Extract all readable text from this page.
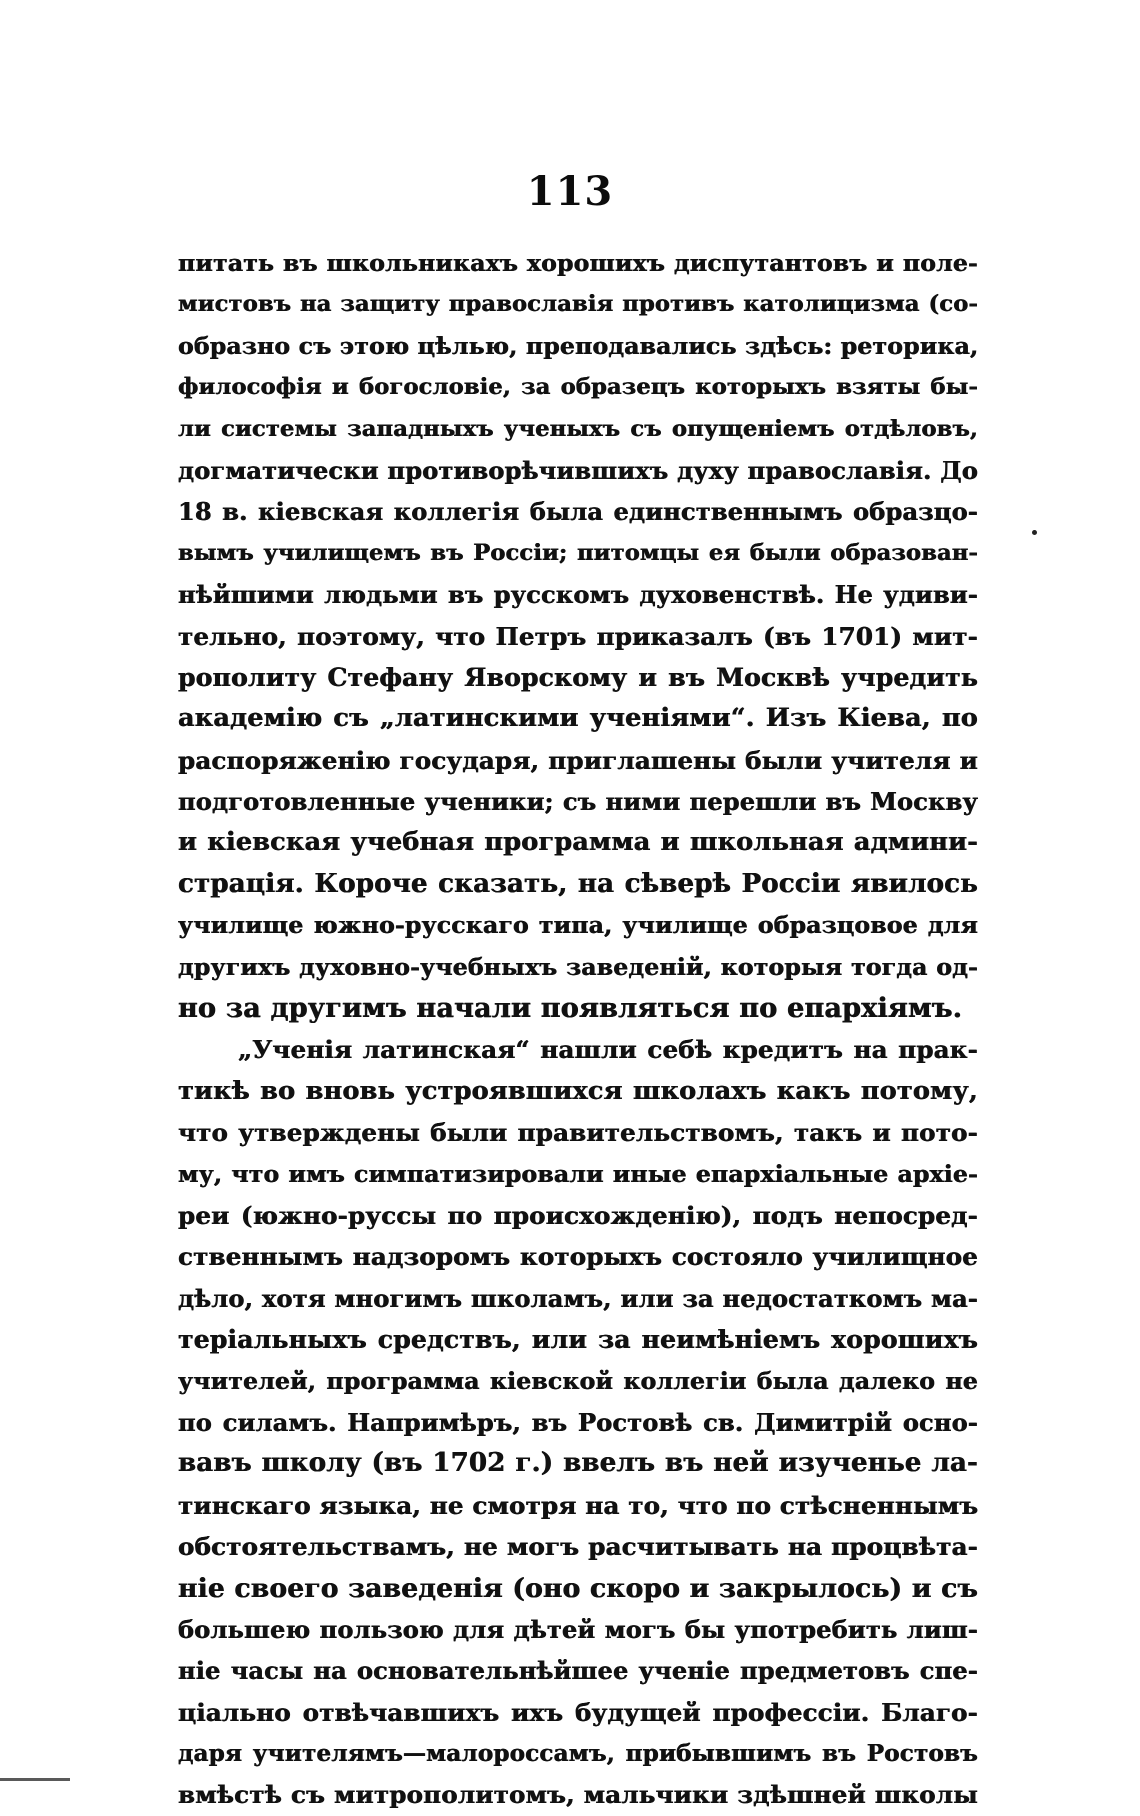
113
питать въ школьникахъ хорошихъ диспутантовъ и поле-
мистовъ на защиту православія противъ католицизма (со-
образно съ этою цѣлью, преподавались здѣсь: реторика,
философія и богословіе, за образецъ которыхъ взяты бы-
ли системы западныхъ ученыхъ съ опущеніемъ отдѣловъ,
догматически противорѣчившихъ духу православія. До
18 в. кіевская коллегія была единственнымъ образцо-
вымъ училищемъ въ Россіи; питомцы ея были образован-
нѣйшими людьми въ русскомъ духовенствѣ. Не удиви-
тельно, поэтому, что Петръ приказалъ (въ 1701) мит-
рополиту Стефану Яворскому и въ Москвѣ учредить
академію съ „латинскими ученіями“. Изъ Кіева, по
распоряженію государя, приглашены были учителя и
подготовленные ученики; съ ними перешли въ Москву
и кіевская учебная программа и школьная админи-
страція. Короче сказать, на сѣверѣ Россіи явилось
училище южно-русскаго типа, училище образцовое для
другихъ духовно-учебныхъ заведеній, которыя тогда од-
но за другимъ начали появляться по епархіямъ.
„Ученія латинская“ нашли себѣ кредитъ на прак-
тикѣ во вновь устроявшихся школахъ какъ потому,
что утверждены были правительствомъ, такъ и пото-
му, что имъ симпатизировали иные епархіальные архіе-
реи (южно-руссы по происхожденію), подъ непосред-
ственнымъ надзоромъ которыхъ состояло училищное
дѣло, хотя многимъ школамъ, или за недостаткомъ ма-
теріальныхъ средствъ, или за неимѣніемъ хорошихъ
учителей, программа кіевской коллегіи была далеко не
по силамъ. Напримѣръ, въ Ростовѣ св. Димитрій осно-
вавъ школу (въ 1702 г.) ввелъ въ ней изученье ла-
тинскаго языка, не смотря на то, что по стѣсненнымъ
обстоятельствамъ, не могъ расчитывать на процвѣта-
ніе своего заведенія (оно скоро и закрылось) и съ
большею пользою для дѣтей могъ бы употребить лиш-
ніе часы на основательнѣйшее ученіе предметовъ спе-
ціально отвѣчавшихъ ихъ будущей профессіи. Благо-
даря учителямъ—малороссамъ, прибывшимъ въ Ростовъ
вмѣстѣ съ митрополитомъ, мальчики здѣшней школы
